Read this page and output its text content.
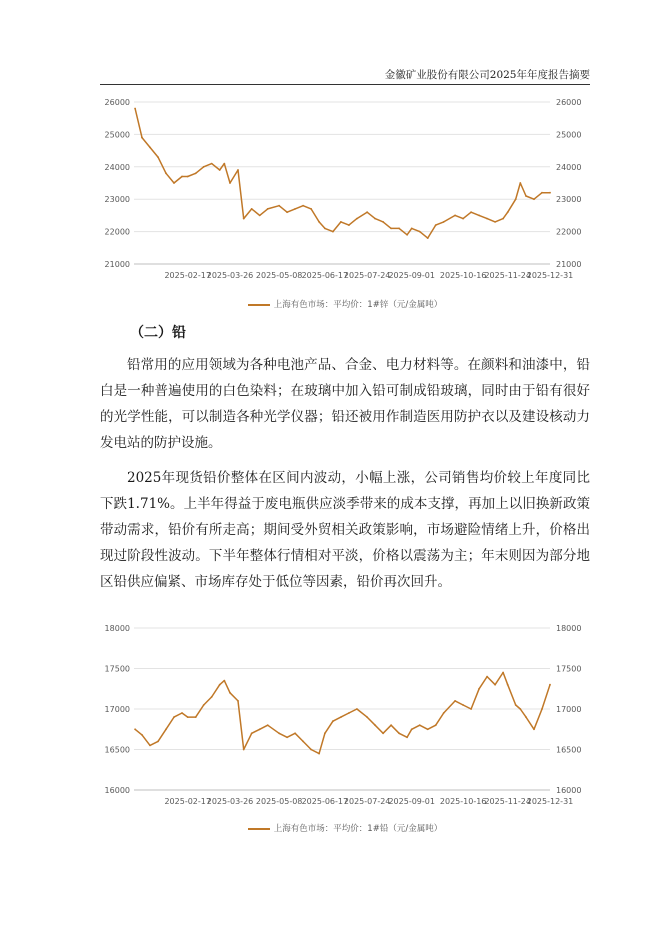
金徽矿业股份有限公司2025年年度报告摘要
21000	21000
22000	22000
23000	23000
24000	24000
25000	25000
26000	26000
2025-02-17
2025-03-26 2025-05-08 2025-06-17
2025-07-24
2025-09-01 2025-10-16
2025-11-24
2025-12-31
上海有色市场：平均价：1#锌（元/金属吨）
（二）铅

铅常用的应用领域为各种电池产品、合金、电力材料等。在颜料和油漆中，铅白是一种普遍使用的白色染料；在玻璃中加入铅可制成铅玻璃，同时由于铅有很好的光学性能，可以制造各种光学仪器；铅还被用作制造医用防护衣以及建设核动力发电站的防护设施。

2025年现货铅价整体在区间内波动，小幅上涨，公司销售均价较上年度同比下跌1.71%。上半年得益于废电瓶供应淡季带来的成本支撑，再加上以旧换新政策带动需求，铅价有所走高；期间受外贸相关政策影响，市场避险情绪上升，价格出现过阶段性波动。下半年整体行情相对平淡，价格以震荡为主；年末则因为部分地区铅供应偏紧、市场库存处于低位等因素，铅价再次回升。

16000	16000
16500	16500
17000	17000
17500	17500
18000	18000
2025-02-17
2025-03-26 2025-05-08 2025-06-17
2025-07-24
2025-09-01 2025-10-16
2025-11-24
2025-12-31
上海有色市场：平均价：1#铅（元/金属吨）
